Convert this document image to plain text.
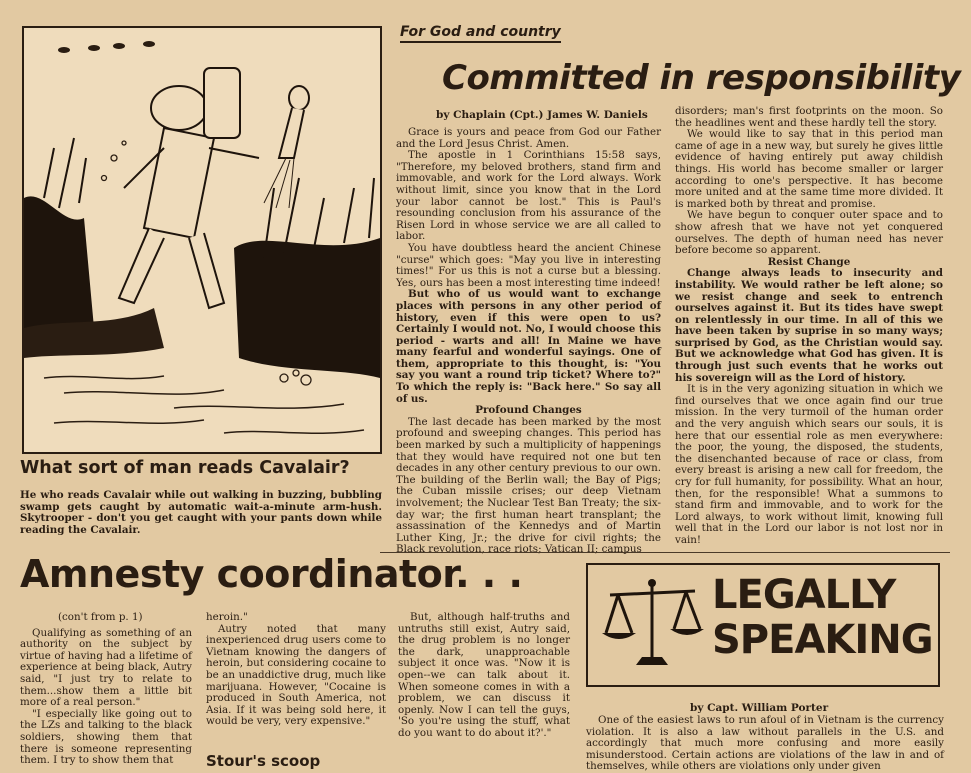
What sort of man reads Cavalair?
He who reads Cavalair while out walking in buzzing, bubbling swamp gets caught by automatic wait-a-minute arm-hush. Skytrooper - don't you get caught with your pants down while reading the Cavalair.
For God and country
Committed in responsibility
by Chaplain (Cpt.) James W. Daniels

Grace is yours and peace from God our Father and the Lord Jesus Christ. Amen.

The apostle in 1 Corinthians 15:58 says, "Therefore, my beloved brothers, stand firm and immovable, and work for the Lord always. Work without limit, since you know that in the Lord your labor cannot be lost." This is Paul's resounding conclusion from his assurance of the Risen Lord in whose service we are all called to labor.

You have doubtless heard the ancient Chinese "curse" which goes: "May you live in interesting times!" For us this is not a curse but a blessing. Yes, ours has been a most interesting time indeed!

But who of us would want to exchange places with persons in any other period of history, even if this were open to us? Certainly I would not. No, I would choose this period - warts and all! In Maine we have many fearful and wonderful sayings. One of them, appropriate to this thought, is: "You say you want a round trip ticket? Where to?" To which the reply is: "Back here." So say all of us.

Profound Changes

The last decade has been marked by the most profound and sweeping changes. This period has been marked by such a multiplicity of happenings that they would have required not one but ten decades in any other century previous to our own. The building of the Berlin wall; the Bay of Pigs; the Cuban missile crises; our deep Vietnam involvement; the Nuclear Test Ban Treaty; the six-day war; the first human heart transplant; the assassination of the Kennedys and of Martin Luther King, Jr.; the drive for civil rights; the Black revolution, race riots; Vatican II; campus

disorders; man's first footprints on the moon. So the headlines went and these hardly tell the story.

We would like to say that in this period man came of age in a new way, but surely he gives little evidence of having entirely put away childish things. His world has become smaller or larger according to one's perspective. It has become more united and at the same time more divided. It is marked both by threat and promise.

We have begun to conquer outer space and to show afresh that we have not yet conquered ourselves. The depth of human need has never before become so apparent.

Resist Change

Change always leads to insecurity and instability. We would rather be left alone; so we resist change and seek to entrench ourselves against it. But its tides have swept on relentlessly in our time. In all of this we have been taken by suprise in so many ways; surprised by God, as the Christian would say. But we acknowledge what God has given. It is through just such events that he works out his sovereign will as the Lord of history.

It is in the very agonizing situation in which we find ourselves that we once again find our true mission. In the very turmoil of the human order and the very anguish which sears our souls, it is here that our essential role as men everywhere: the poor, the young, the disposed, the students, the disenchanted because of race or class, from every breast is arising a new call for freedom, the cry for full humanity, for possibility. What an hour, then, for the responsible! What a summons to stand firm and immovable, and to work for the Lord always, to work without limit, knowing full well that in the Lord our labor is not lost nor in vain!

Amnesty coordinator. . .

(con't from p. 1)

Qualifying as something of an authority on the subject by virtue of having had a lifetime of experience at being black, Autry said, "I just try to relate to them...show them a little bit more of a real person."

"I especially like going out to the LZs and talking to the black soldiers, showing them that there is someone representing them. I try to show them that

heroin."

Autry noted that many inexperienced drug users come to Vietnam knowing the dangers of heroin, but considering cocaine to be an unaddictive drug, much like marijuana. However, "Cocaine is produced in South America, not Asia. If it was being sold here, it would be very, very expensive."

But, although half-truths and untruths still exist, Autry said, the drug problem is no longer the dark, unapproachable subject it once was. "Now it is open--we can talk about it. When someone comes in with a problem, we can discuss it openly. Now I can tell the guys, 'So you're using the stuff, what do you want to do about it?'."

Stour's scoop
LEGALLY
SPEAKING
by Capt. William Porter

One of the easiest laws to run afoul of in Vietnam is the currency violation. It is also a law without parallels in the U.S. and accordingly that much more confusing and more easily misunderstood. Certain actions are violations of the law in and of themselves, while others are violations only under given
